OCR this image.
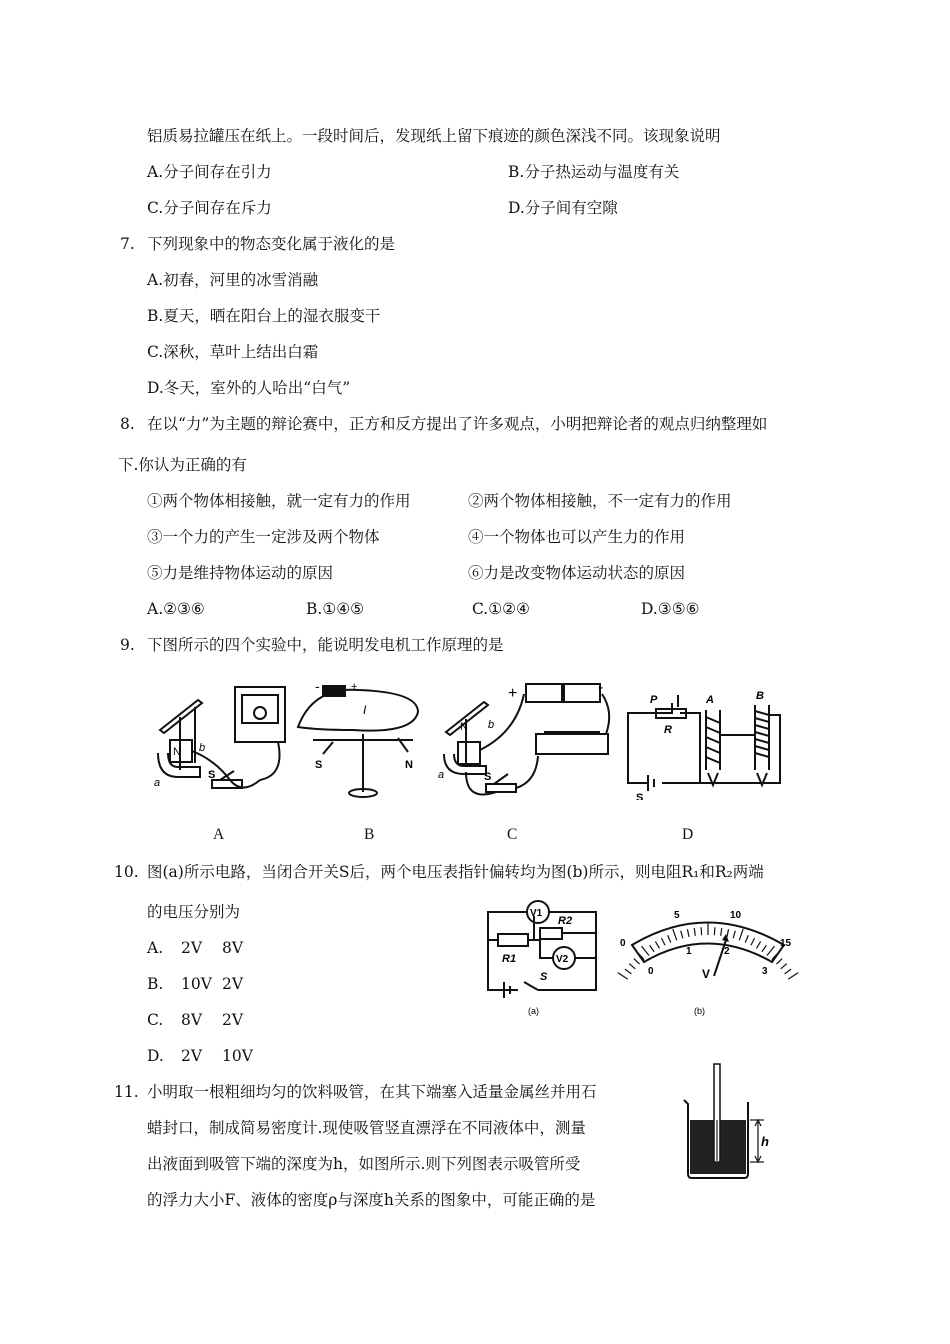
铝质易拉罐压在纸上。一段时间后，发现纸上留下痕迹的颜色深浅不同。该现象说明
A.分子间存在引力	B.分子热运动与温度有关
C.分子间存在斥力	D.分子间有空隙
7. 下列现象中的物态变化属于液化的是
A.初春，河里的冰雪消融
B.夏天，晒在阳台上的湿衣服变干
C.深秋，草叶上结出白霜
D.冬天，室外的人哈出“白气”
8. 在以“力”为主题的辩论赛中，正方和反方提出了许多观点，小明把辩论者的观点归纳整理如
下.你认为正确的有
①两个物体相接触，就一定有力的作用	②两个物体相接触，不一定有力的作用
③一个力的产生一定涉及两个物体	④一个物体也可以产生力的作用
⑤力是维持物体运动的原因	⑥力是改变物体运动状态的原因
A.②③⑥	B.①④⑤	C.①②④	D.③⑤⑥
9. 下图所示的四个实验中，能说明发电机工作原理的是
N b
a
S
-	+
I
S	N
+	-
N b
a	S
P
R
A	B
S
A	B	C	D
10. 图(a)所示电路，当闭合开关S后，两个电压表指针偏转均为图(b)所示，则电阻R₁和R₂两端
的电压分别为
A. 2V 8V
B. 10V 2V
C. 8V 2V
D. 2V 10V
V1
V2
R1
R2
S
(a)
0
5	10
15
0
1	2
3
V
(b)
11. 小明取一根粗细均匀的饮料吸管，在其下端塞入适量金属丝并用石
蜡封口，制成简易密度计.现使吸管竖直漂浮在不同液体中，测量
出液面到吸管下端的深度为h，如图所示.则下列图表示吸管所受
的浮力大小F、液体的密度ρ与深度h关系的图象中，可能正确的是
h
